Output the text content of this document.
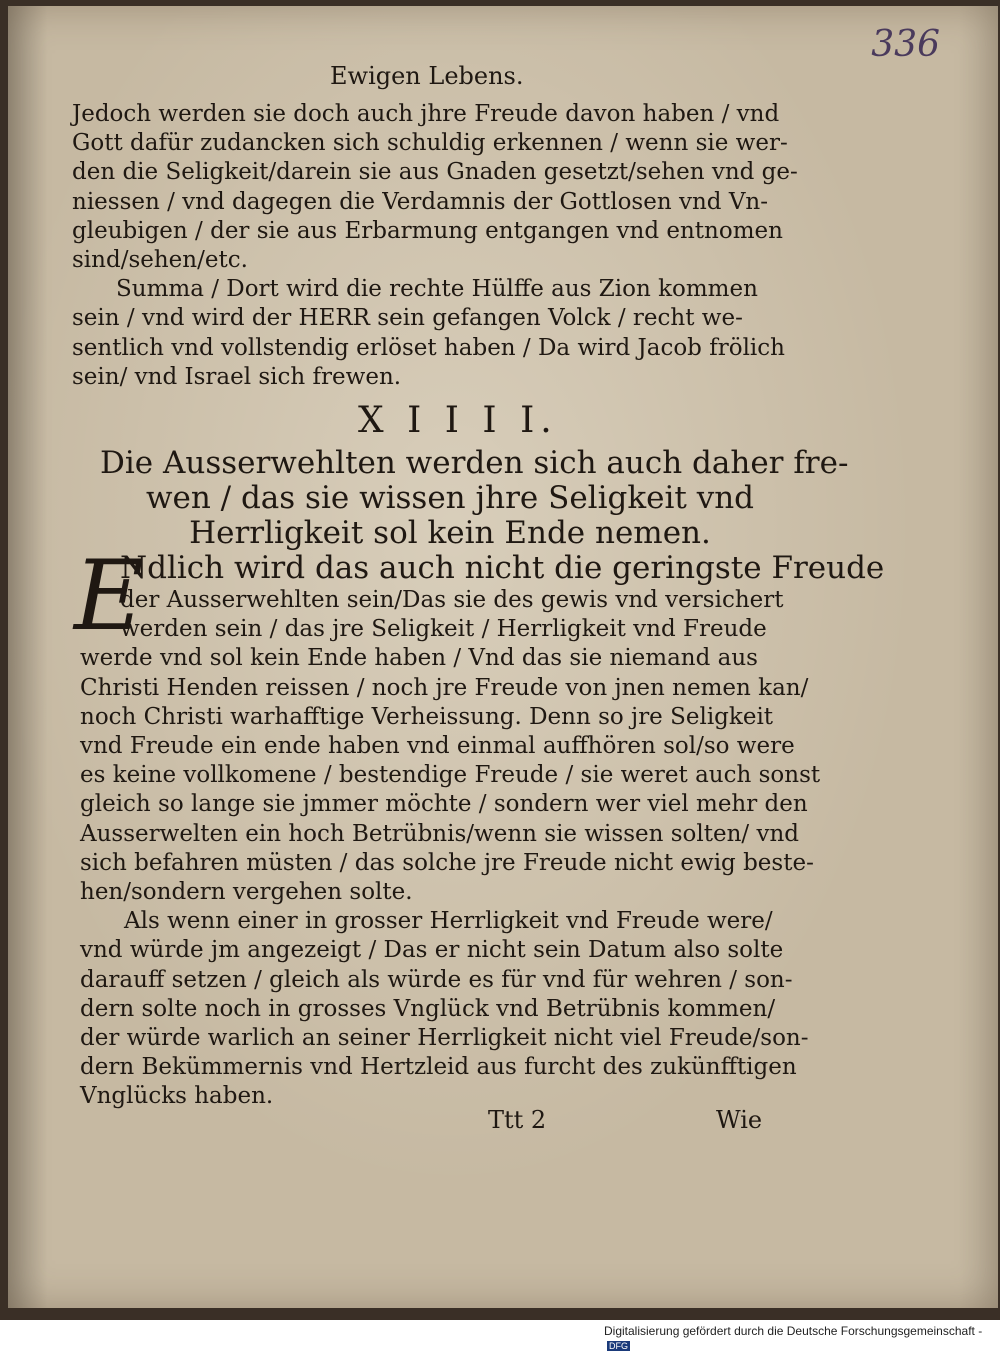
336
Ewigen Lebens.
Jedoch werden sie doch auch jhre Freude davon haben / vnd
Gott dafür zudancken sich schuldig erkennen / wenn sie wer-
den die Seligkeit/darein sie aus Gnaden gesetzt/sehen vnd ge-
niessen / vnd dagegen die Verdamnis der Gottlosen vnd Vn-
gleubigen / der sie aus Erbarmung entgangen vnd entnomen
sind/sehen/etc.
Summa / Dort wird die rechte Hülffe aus Zion kommen
sein / vnd wird der HERR sein gefangen Volck / recht we-
sentlich vnd vollstendig erlöset haben / Da wird Jacob frölich
sein/ vnd Israel sich frewen.
X I I I I.
Die Ausserwehlten werden sich auch daher fre-
wen / das sie wissen jhre Seligkeit vnd
Herrligkeit sol kein Ende nemen.
E
Ndlich wird das auch nicht die geringste Freude
der Ausserwehlten sein/Das sie des gewis vnd versichert
werden sein / das jre Seligkeit / Herrligkeit vnd Freude
werde vnd sol kein Ende haben / Vnd das sie niemand aus
Christi Henden reissen / noch jre Freude von jnen nemen kan/
noch Christi warhafftige Verheissung. Denn so jre Seligkeit
vnd Freude ein ende haben vnd einmal auffhören sol/so were
es keine vollkomene / bestendige Freude / sie weret auch sonst
gleich so lange sie jmmer möchte / sondern wer viel mehr den
Ausserwelten ein hoch Betrübnis/wenn sie wissen solten/ vnd
sich befahren müsten / das solche jre Freude nicht ewig beste-
hen/sondern vergehen solte.
Als wenn einer in grosser Herrligkeit vnd Freude were/
vnd würde jm angezeigt / Das er nicht sein Datum also solte
darauff setzen / gleich als würde es für vnd für wehren / son-
dern solte noch in grosses Vnglück vnd Betrübnis kommen/
der würde warlich an seiner Herrligkeit nicht viel Freude/son-
dern Bekümmernis vnd Hertzleid aus furcht des zukünfftigen
Vnglücks haben.
Ttt 2	Wie
Digitalisierung gefördert durch die Deutsche Forschungsgemeinschaft -DFG
